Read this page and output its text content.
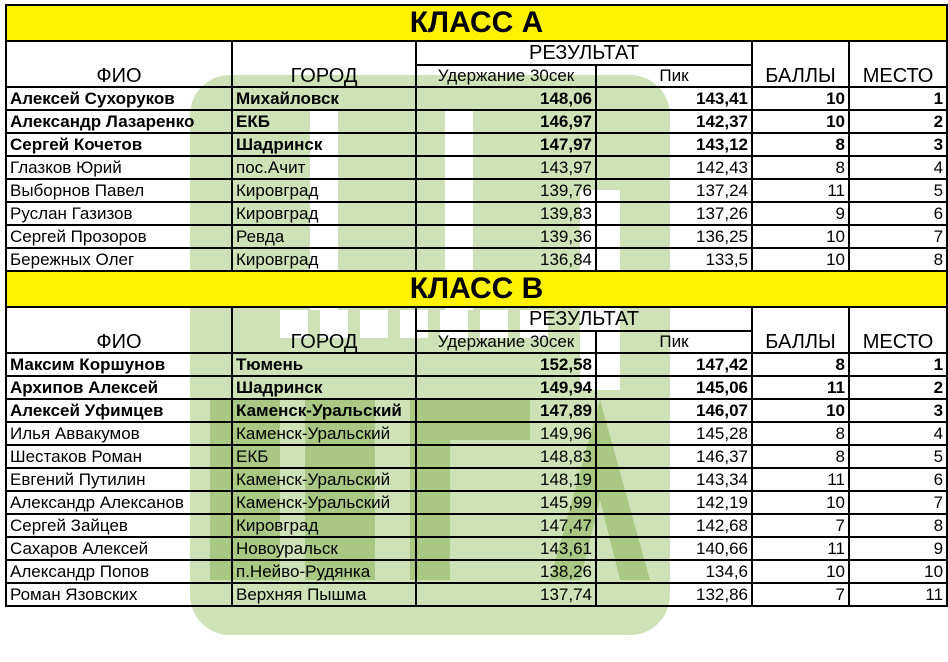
КЛАСС А					
ФИО	ГОРОД	РЕЗУЛЬТАТ		БАЛЛЫ	МЕСТО
		Удержание 30сек	Пик		
Алексей Сухоруков	Михайловск	148,06	143,41	10	1
Александр Лазаренко	ЕКБ	146,97	142,37	10	2
Сергей Кочетов	Шадринск	147,97	143,12	8	3
Глазков Юрий	пос.Ачит	143,97	142,43	8	4
Выборнов Павел	Кировград	139,76	137,24	11	5
Руслан Газизов	Кировград	139,83	137,26	9	6
Сергей Прозоров	Ревда	139,36	136,25	10	7
Бережных Олег	Кировград	136,84	133,5	10	8
КЛАСС В					
ФИО	ГОРОД	РЕЗУЛЬТАТ		БАЛЛЫ	МЕСТО
		Удержание 30сек	Пик		
Максим Коршунов	Тюмень	152,58	147,42	8	1
Архипов Алексей	Шадринск	149,94	145,06	11	2
Алексей Уфимцев	Каменск-Уральский	147,89	146,07	10	3
Илья Аввакумов	Каменск-Уральский	149,96	145,28	8	4
Шестаков Роман	ЕКБ	148,83	146,37	8	5
Евгений Путилин	Каменск-Уральский	148,19	143,34	11	6
Александр Алексанов	Каменск-Уральский	145,99	142,19	10	7
Сергей Зайцев	Кировград	147,47	142,68	7	8
Сахаров Алексей	Новоуральск	143,61	140,66	11	9
Александр Попов	п.Нейво-Рудянка	138,26	134,6	10	10
Роман Язовских	Верхняя Пышма	137,74	132,86	7	11
